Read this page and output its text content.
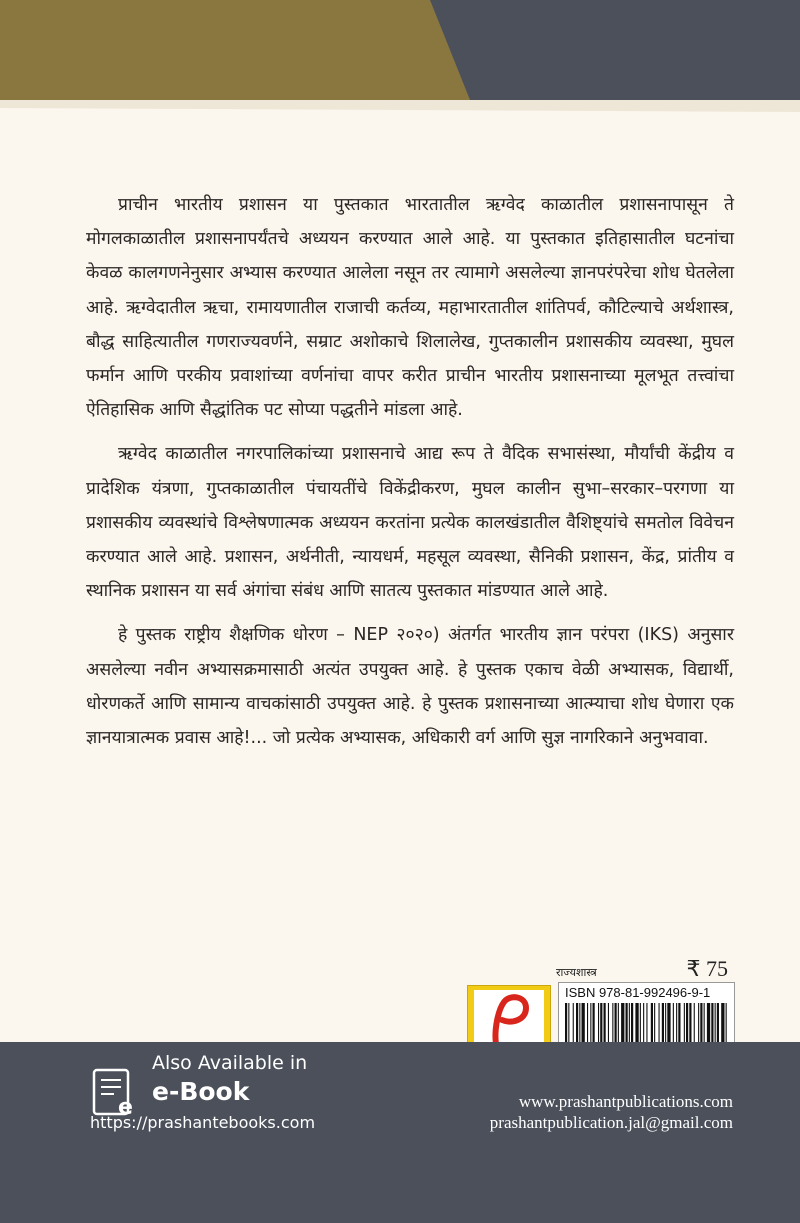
प्राचीन भारतीय प्रशासन या पुस्तकात भारतातील ऋग्वेद काळातील प्रशासनापासून ते मोगलकाळातील प्रशासनापर्यंतचे अध्ययन करण्यात आले आहे. या पुस्तकात इतिहासातील घटनांचा केवळ कालगणनेनुसार अभ्यास करण्यात आलेला नसून तर त्यामागे असलेल्या ज्ञानपरंपरेचा शोध घेतलेला आहे. ऋग्वेदातील ऋचा, रामायणातील राजाची कर्तव्य, महाभारतातील शांतिपर्व, कौटिल्याचे अर्थशास्त्र, बौद्ध साहित्यातील गणराज्यवर्णने, सम्राट अशोकाचे शिलालेख, गुप्तकालीन प्रशासकीय व्यवस्था, मुघल फर्मान आणि परकीय प्रवाशांच्या वर्णनांचा वापर करीत प्राचीन भारतीय प्रशासनाच्या मूलभूत तत्त्वांचा ऐतिहासिक आणि सैद्धांतिक पट सोप्या पद्धतीने मांडला आहे.

ऋग्वेद काळातील नगरपालिकांच्या प्रशासनाचे आद्य रूप ते वैदिक सभासंस्था, मौर्यांची केंद्रीय व प्रादेशिक यंत्रणा, गुप्तकाळातील पंचायतींचे विकेंद्रीकरण, मुघल कालीन सुभा–सरकार–परगणा या प्रशासकीय व्यवस्थांचे विश्लेषणात्मक अध्ययन करतांना प्रत्येक कालखंडातील वैशिष्ट्यांचे समतोल विवेचन करण्यात आले आहे. प्रशासन, अर्थनीती, न्यायधर्म, महसूल व्यवस्था, सैनिकी प्रशासन, केंद्र, प्रांतीय व स्थानिक प्रशासन या सर्व अंगांचा संबंध आणि सातत्य पुस्तकात मांडण्यात आले आहे.

हे पुस्तक राष्ट्रीय शैक्षणिक धोरण – NEP २०२०) अंतर्गत भारतीय ज्ञान परंपरा (IKS) अनुसार असलेल्या नवीन अभ्यासक्रमासाठी अत्यंत उपयुक्त आहे. हे पुस्तक एकाच वेळी अभ्यासक, विद्यार्थी, धोरणकर्ते आणि सामान्य वाचकांसाठी उपयुक्त आहे. हे पुस्तक प्रशासनाच्या आत्म्याचा शोध घेणारा एक ज्ञानयात्रात्मक प्रवास आहे!... जो प्रत्येक अभ्यासक, अधिकारी वर्ग आणि सुज्ञ नागरिकाने अनुभवावा.

राज्यशास्त्र	₹ 75
ISBN 978-81-992496-9-1
e
Also Available in
e-Book
https://prashantebooks.com
www.prashantpublications.com
prashantpublication.jal@gmail.com
